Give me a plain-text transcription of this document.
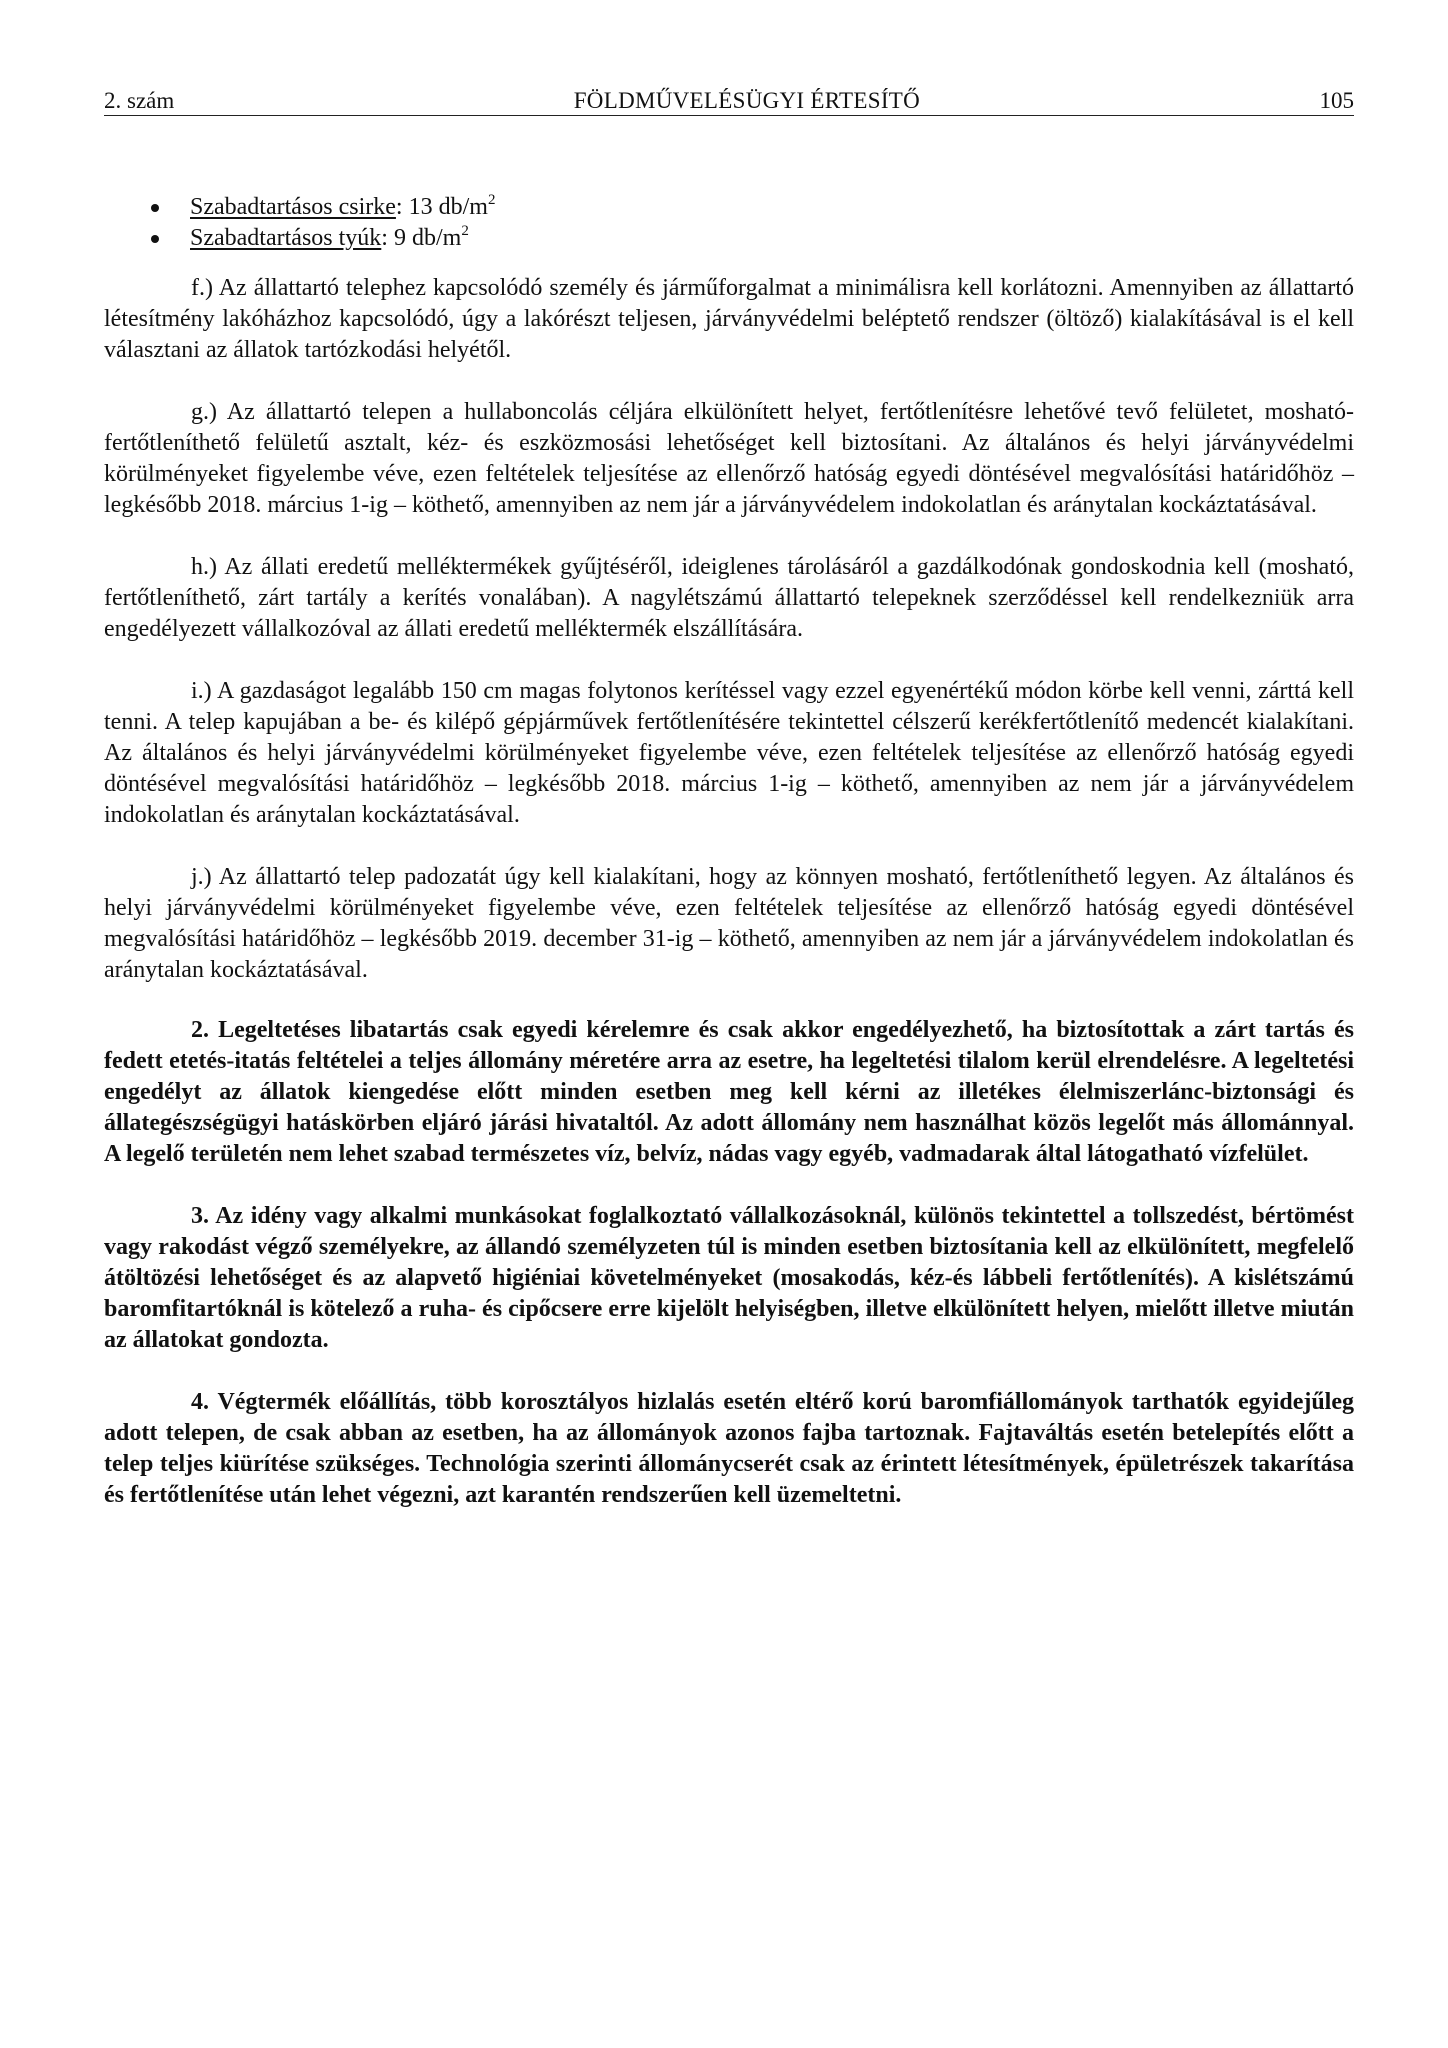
2. szám	FÖLDMŰVELÉSÜGYI ÉRTESÍTŐ	105
Szabadtartásos csirke: 13 $db/m^2$
Szabadtartásos tyúk: 9 $db/m^2$

f.) Az állattartó telephez kapcsolódó személy és járműforgalmat a minimálisra kell korlátozni. Amennyiben az állattartó létesítmény lakóházhoz kapcsolódó, úgy a lakórészt teljesen, járványvédelmi beléptető rendszer (öltöző) kialakításával is el kell választani az állatok tartózkodási helyétől.

g.) Az állattartó telepen a hullaboncolás céljára elkülönített helyet, fertőtlenítésre lehetővé tevő felületet, mosható-fertőtleníthető felületű asztalt, kéz- és eszközmosási lehetőséget kell biztosítani. Az általános és helyi járványvédelmi körülményeket figyelembe véve, ezen feltételek teljesítése az ellenőrző hatóság egyedi döntésével megvalósítási határidőhöz – legkésőbb 2018. március 1-ig – köthető, amennyiben az nem jár a járványvédelem indokolatlan és aránytalan kockáztatásával.

h.) Az állati eredetű melléktermékek gyűjtéséről, ideiglenes tárolásáról a gazdálkodónak gondoskodnia kell (mosható, fertőtleníthető, zárt tartály a kerítés vonalában). A nagylétszámú állattartó telepeknek szerződéssel kell rendelkezniük arra engedélyezett vállalkozóval az állati eredetű melléktermék elszállítására.

i.) A gazdaságot legalább 150 cm magas folytonos kerítéssel vagy ezzel egyenértékű módon körbe kell venni, zárttá kell tenni. A telep kapujában a be- és kilépő gépjárművek fertőtlenítésére tekintettel célszerű kerékfertőtlenítő medencét kialakítani. Az általános és helyi járványvédelmi körülményeket figyelembe véve, ezen feltételek teljesítése az ellenőrző hatóság egyedi döntésével megvalósítási határidőhöz – legkésőbb 2018. március 1-ig – köthető, amennyiben az nem jár a járványvédelem indokolatlan és aránytalan kockáztatásával.

j.) Az állattartó telep padozatát úgy kell kialakítani, hogy az könnyen mosható, fertőtleníthető legyen. Az általános és helyi járványvédelmi körülményeket figyelembe véve, ezen feltételek teljesítése az ellenőrző hatóság egyedi döntésével megvalósítási határidőhöz – legkésőbb 2019. december 31-ig – köthető, amennyiben az nem jár a járványvédelem indokolatlan és aránytalan kockáztatásával.

2. Legeltetéses libatartás csak egyedi kérelemre és csak akkor engedélyezhető, ha biztosítottak a zárt tartás és fedett etetés-itatás feltételei a teljes állomány méretére arra az esetre, ha legeltetési tilalom kerül elrendelésre. A legeltetési engedélyt az állatok kiengedése előtt minden esetben meg kell kérni az illetékes élelmiszerlánc-biztonsági és állategészségügyi hatáskörben eljáró járási hivataltól. Az adott állomány nem használhat közös legelőt más állománnyal. A legelő területén nem lehet szabad természetes víz, belvíz, nádas vagy egyéb, vadmadarak által látogatható vízfelület.

3. Az idény vagy alkalmi munkásokat foglalkoztató vállalkozásoknál, különös tekintettel a tollszedést, bértömést vagy rakodást végző személyekre, az állandó személyzeten túl is minden esetben biztosítania kell az elkülönített, megfelelő átöltözési lehetőséget és az alapvető higiéniai követelményeket (mosakodás, kéz-és lábbeli fertőtlenítés). A kislétszámú baromfitartóknál is kötelező a ruha- és cipőcsere erre kijelölt helyiségben, illetve elkülönített helyen, mielőtt illetve miután az állatokat gondozta.

4. Végtermék előállítás, több korosztályos hizlalás esetén eltérő korú baromfiállományok tarthatók egyidejűleg adott telepen, de csak abban az esetben, ha az állományok azonos fajba tartoznak. Fajtaváltás esetén betelepítés előtt a telep teljes kiürítése szükséges. Technológia szerinti állománycserét csak az érintett létesítmények, épületrészek takarítása és fertőtlenítése után lehet végezni, azt karantén rendszerűen kell üzemeltetni.
